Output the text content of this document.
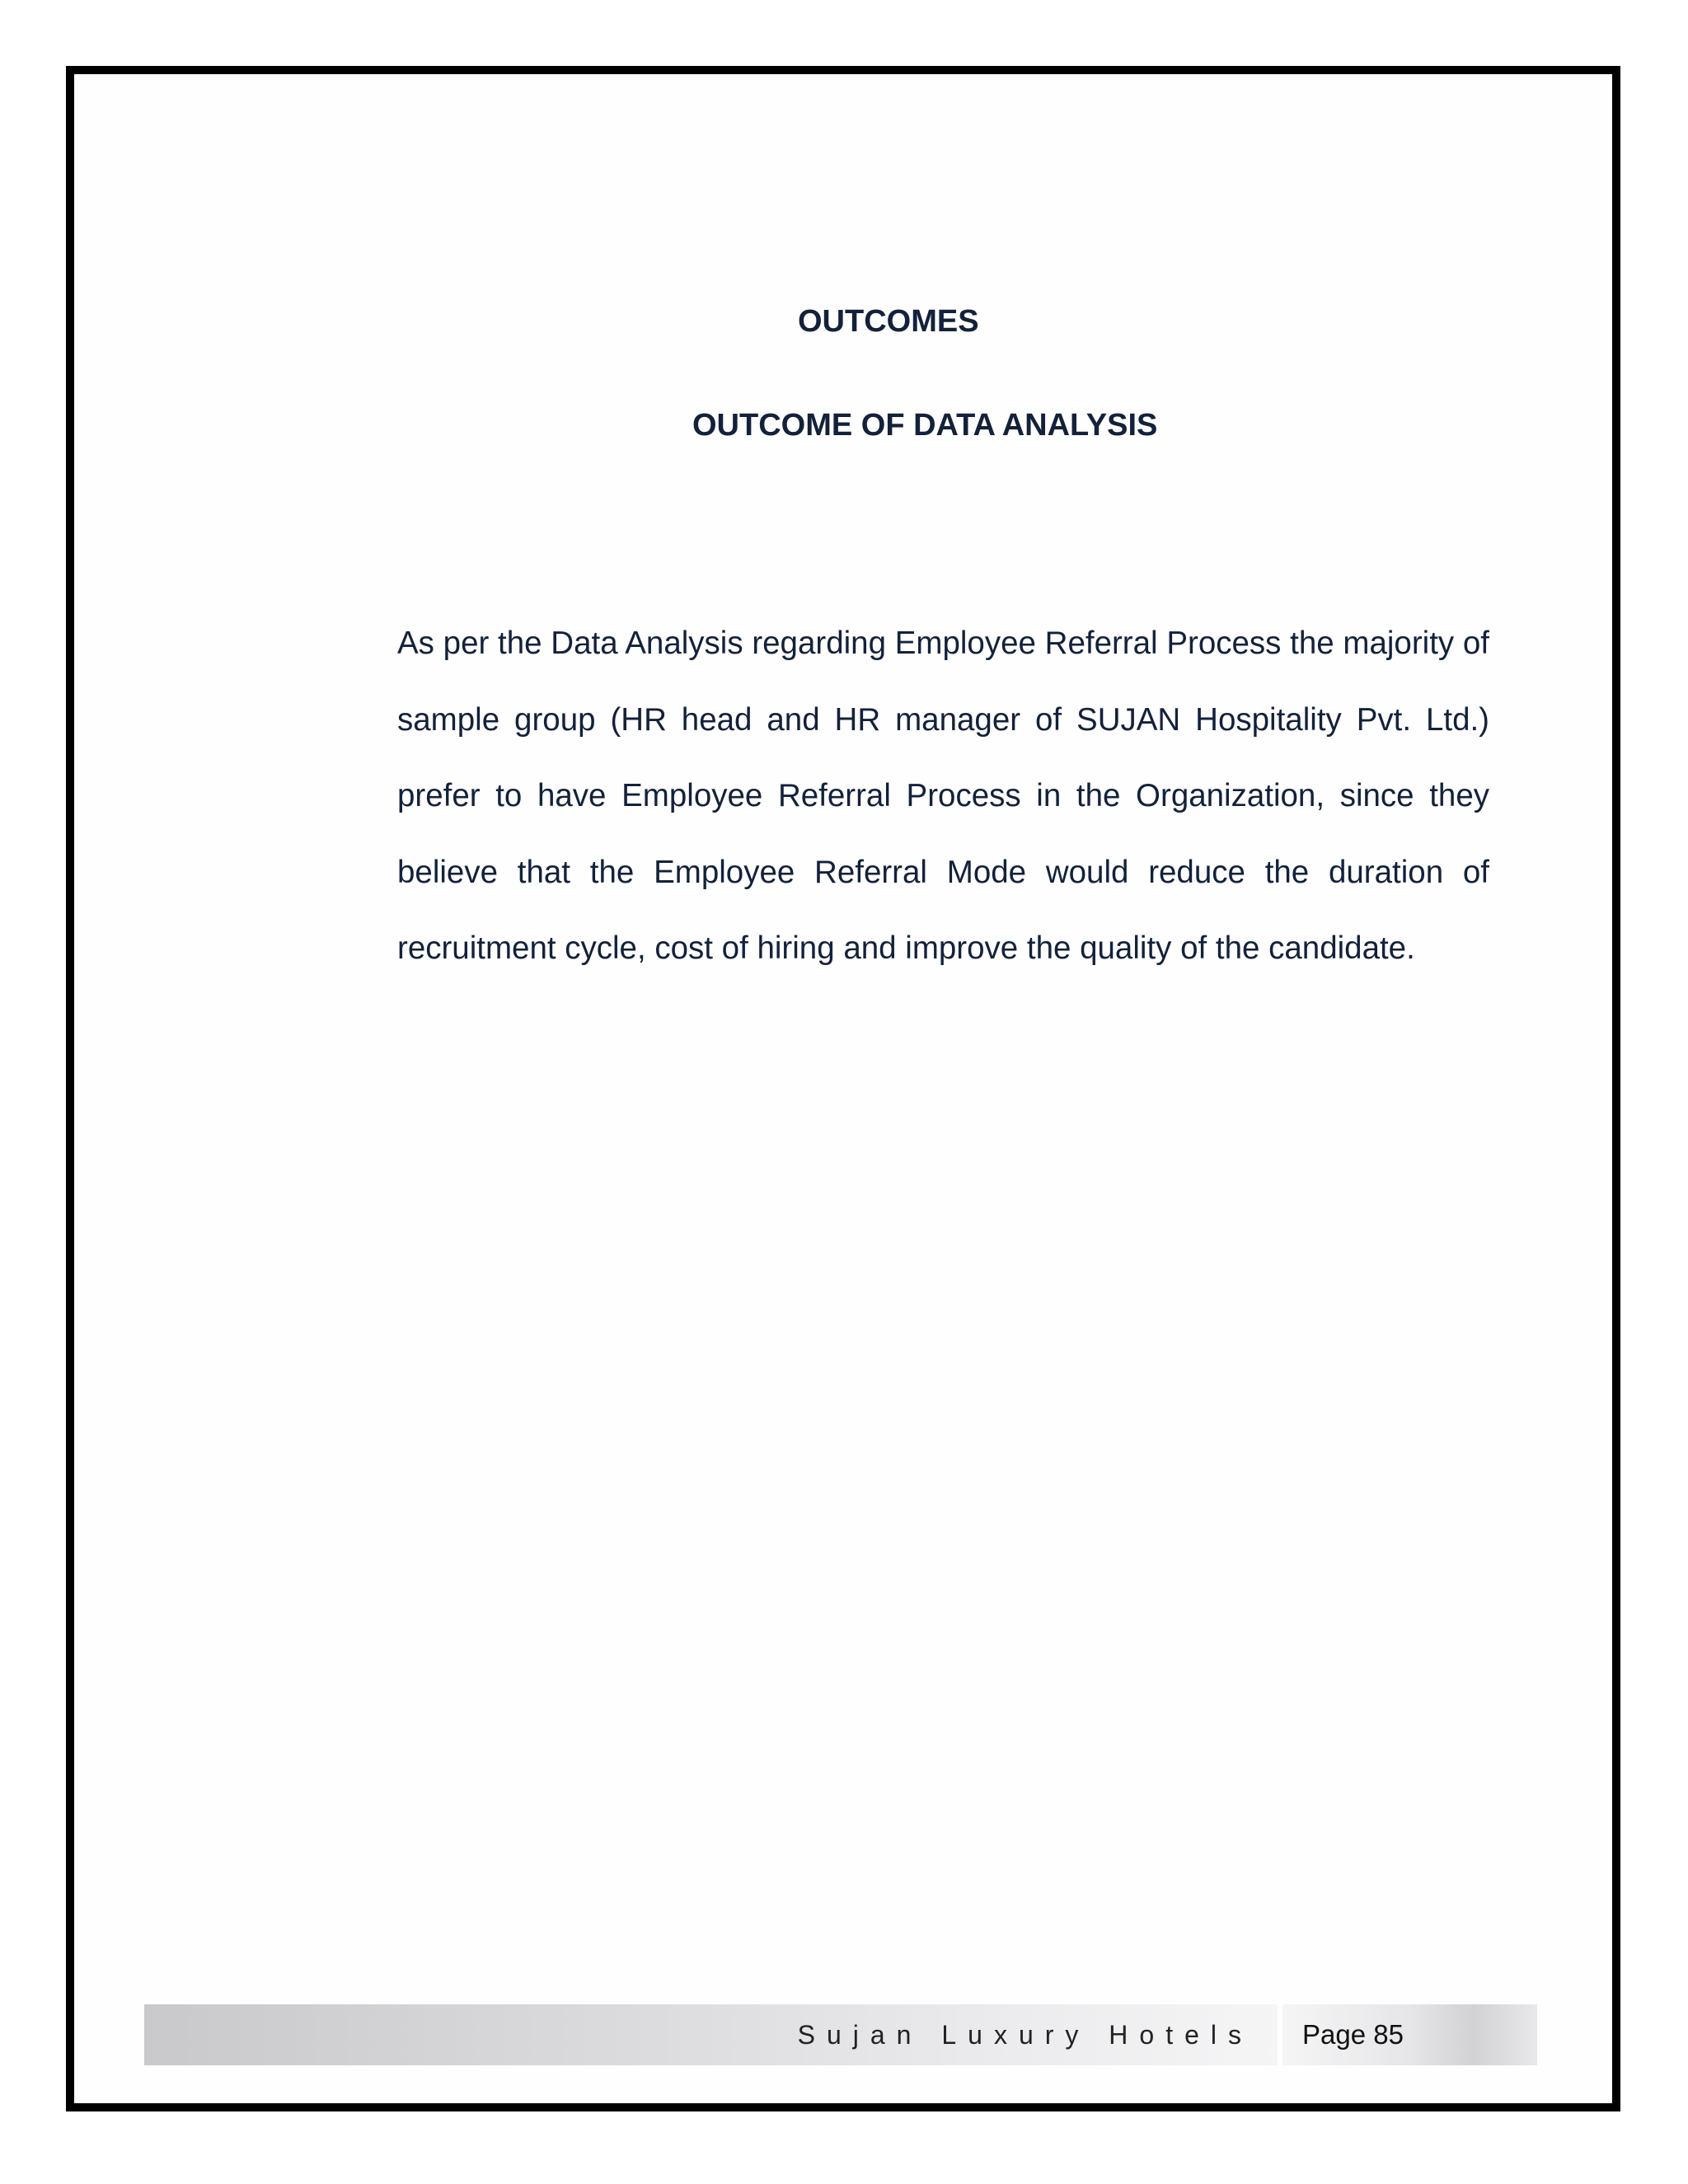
OUTCOMES
OUTCOME OF DATA ANALYSIS

As per the Data Analysis regarding Employee Referral Process the majority of sample group (HR head and HR manager of SUJAN Hospitality Pvt. Ltd.) prefer to have Employee Referral Process in the Organization, since they believe that the Employee Referral Mode would reduce the duration of recruitment cycle, cost of hiring and improve the quality of the candidate.

Sujan Luxury Hotels Page 85
